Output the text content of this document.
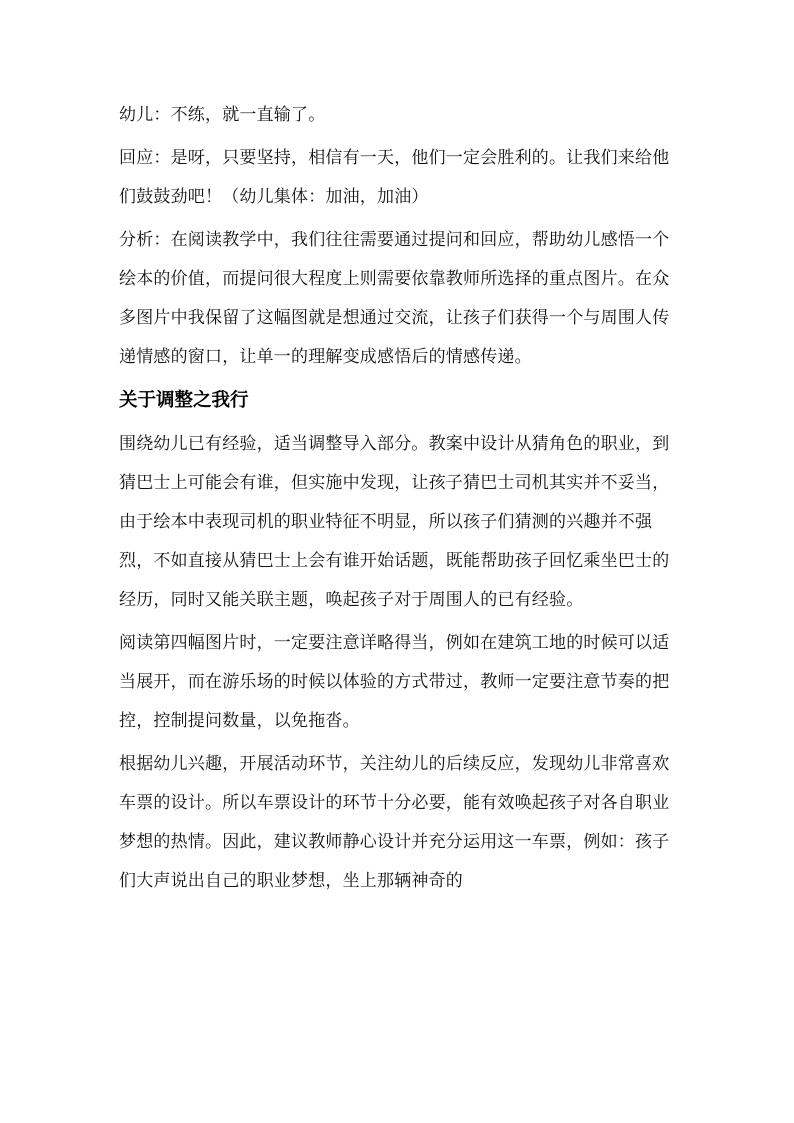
幼儿：不练，就一直输了。

回应：是呀，只要坚持，相信有一天，他们一定会胜利的。让我们来给他们鼓鼓劲吧！（幼儿集体：加油，加油）

分析：在阅读教学中，我们往往需要通过提问和回应，帮助幼儿感悟一个绘本的价值，而提问很大程度上则需要依靠教师所选择的重点图片。在众多图片中我保留了这幅图就是想通过交流，让孩子们获得一个与周围人传递情感的窗口，让单一的理解变成感悟后的情感传递。

关于调整之我行

围绕幼儿已有经验，适当调整导入部分。教案中设计从猜角色的职业，到猜巴士上可能会有谁，但实施中发现，让孩子猜巴士司机其实并不妥当，由于绘本中表现司机的职业特征不明显，所以孩子们猜测的兴趣并不强烈，不如直接从猜巴士上会有谁开始话题，既能帮助孩子回忆乘坐巴士的经历，同时又能关联主题，唤起孩子对于周围人的已有经验。

阅读第四幅图片时，一定要注意详略得当，例如在建筑工地的时候可以适当展开，而在游乐场的时候以体验的方式带过，教师一定要注意节奏的把控，控制提问数量，以免拖沓。

根据幼儿兴趣，开展活动环节，关注幼儿的后续反应，发现幼儿非常喜欢车票的设计。所以车票设计的环节十分必要，能有效唤起孩子对各自职业梦想的热情。因此，建议教师静心设计并充分运用这一车票，例如：孩子们大声说出自己的职业梦想，坐上那辆神奇的
